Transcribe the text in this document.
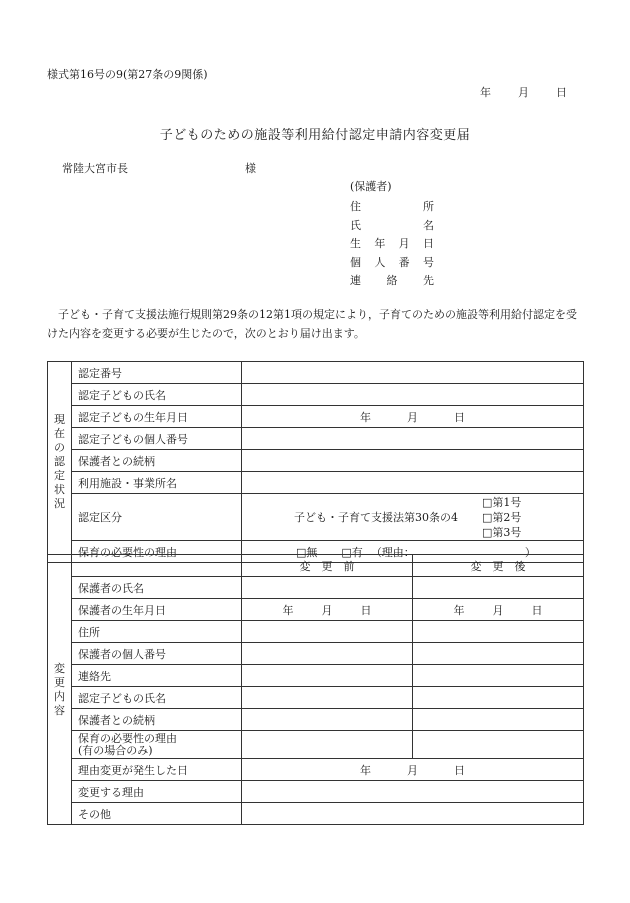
様式第16号の9(第27条の9関係)
年 月 日
子どものための施設等利用給付認定申請内容変更届
常陸大宮市長	様
(保護者)
住所
氏名
生年月日
個人番号
連絡先
子ども・子育て支援法施行規則第29条の12第1項の規定により，子育てのための施設等利用給付認定を受けた内容を変更する必要が生じたので，次のとおり届け出ます。
現在の認定状況	認定番号	
	認定子どもの氏名	
	認定子どもの生年月日	年 月 日
	認定子どもの個人番号	
	保護者との続柄	
	利用施設・事業所名	
	認定区分	子ども・子育て支援法第30条の4
□第1号
□第2号
□第3号

	保育の必要性の理由	□無 □有 （理由： ）
変更内容		変　更　前	変　更　後
	保護者の氏名		
	保護者の生年月日	年 月 日	年 月 日
	住所		
	保護者の個人番号		
	連絡先		
	認定子どもの氏名		
	保護者との続柄		

	保育の必要性の理由
(有の場合のみ)		

	理由変更が発生した日	年 月 日	
	変更する理由		
	その他		
